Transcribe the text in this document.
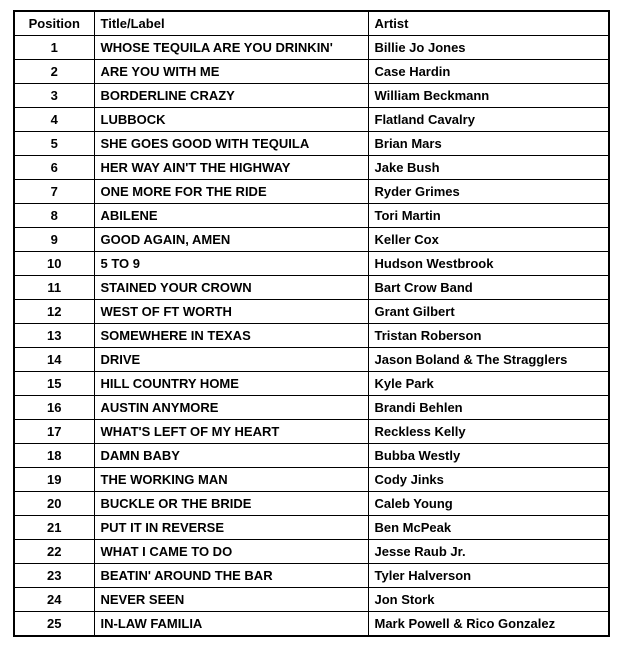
Position	Title/Label	Artist
1	WHOSE TEQUILA ARE YOU DRINKIN'	Billie Jo Jones
2	ARE YOU WITH ME	Case Hardin
3	BORDERLINE CRAZY	William Beckmann
4	LUBBOCK	Flatland Cavalry
5	SHE GOES GOOD WITH TEQUILA	Brian Mars
6	HER WAY AIN'T THE HIGHWAY	Jake Bush
7	ONE MORE FOR THE RIDE	Ryder Grimes
8	ABILENE	Tori Martin
9	GOOD AGAIN, AMEN	Keller Cox
10	5 TO 9	Hudson Westbrook
11	STAINED YOUR CROWN	Bart Crow Band
12	WEST OF FT WORTH	Grant Gilbert
13	SOMEWHERE IN TEXAS	Tristan Roberson
14	DRIVE	Jason Boland & The Stragglers
15	HILL COUNTRY HOME	Kyle Park
16	AUSTIN ANYMORE	Brandi Behlen
17	WHAT'S LEFT OF MY HEART	Reckless Kelly
18	DAMN BABY	Bubba Westly
19	THE WORKING MAN	Cody Jinks
20	BUCKLE OR THE BRIDE	Caleb Young
21	PUT IT IN REVERSE	Ben McPeak
22	WHAT I CAME TO DO	Jesse Raub Jr.
23	BEATIN' AROUND THE BAR	Tyler Halverson
24	NEVER SEEN	Jon Stork
25	IN-LAW FAMILIA	Mark Powell & Rico Gonzalez
